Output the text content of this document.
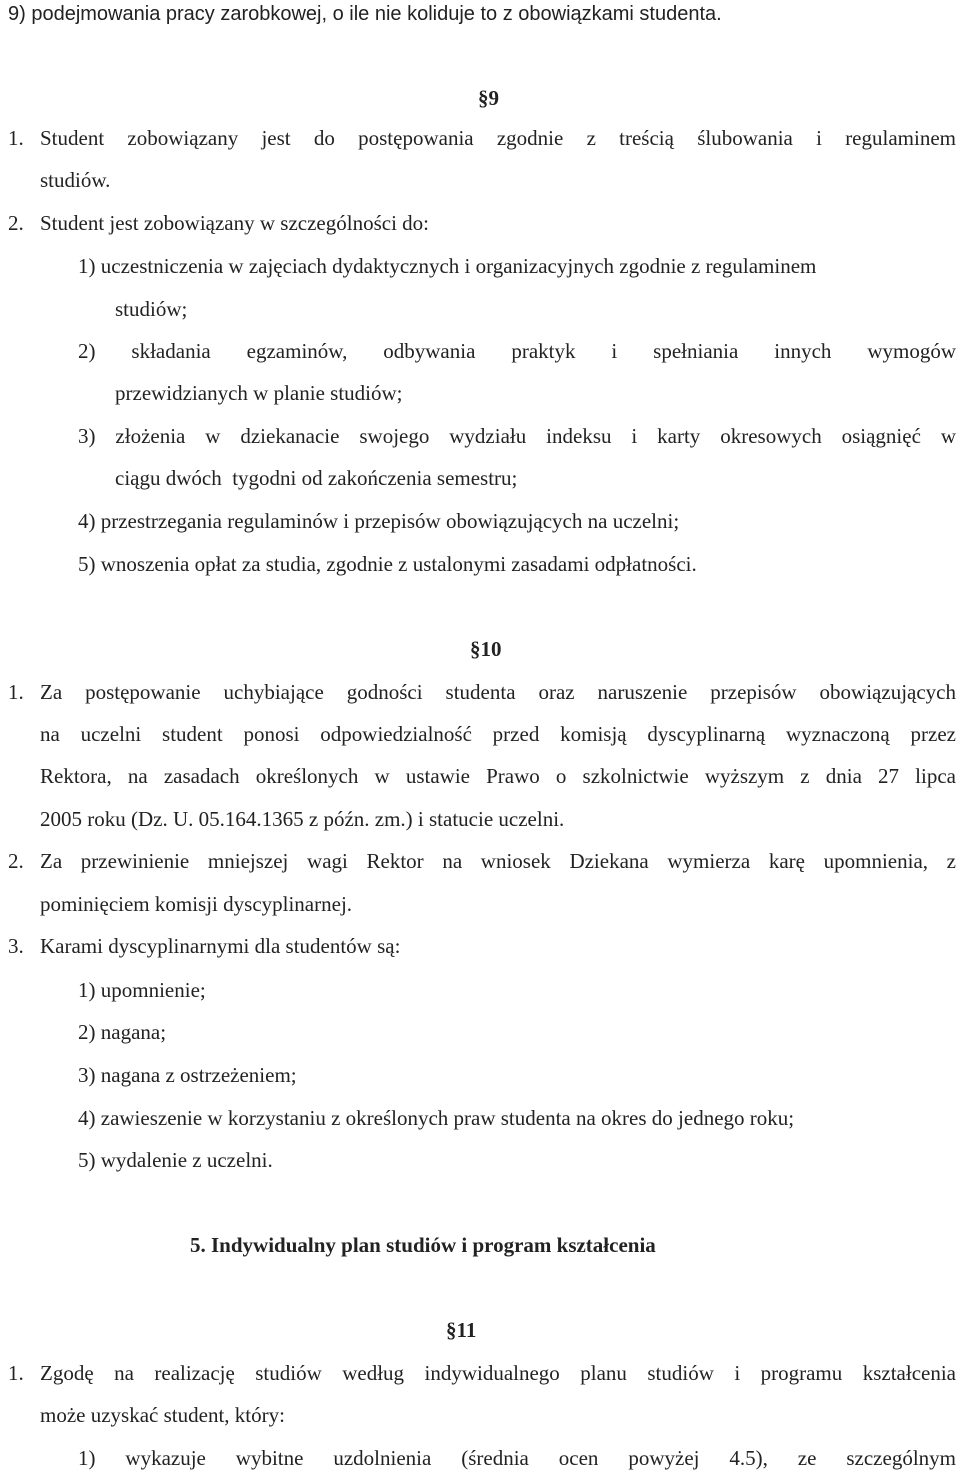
9) podejmowania pracy zarobkowej, o ile nie koliduje to z obowiązkami studenta.
§9
1. Student zobowiązany jest do postępowania zgodnie z treścią ślubowania i regulaminem
studiów.
2. Student jest zobowiązany w szczególności do:
1) uczestniczenia w zajęciach dydaktycznych i organizacyjnych zgodnie z regulaminem
studiów;
2) składania egzaminów, odbywania praktyk i spełniania innych wymogów
przewidzianych w planie studiów;
3) złożenia w dziekanacie swojego wydziału indeksu i karty okresowych osiągnięć w
ciągu dwóch  tygodni od zakończenia semestru;
4) przestrzegania regulaminów i przepisów obowiązujących na uczelni;
5) wnoszenia opłat za studia, zgodnie z ustalonymi zasadami odpłatności.
§10
1. Za postępowanie uchybiające godności studenta oraz naruszenie przepisów obowiązujących
na uczelni student ponosi odpowiedzialność przed komisją dyscyplinarną wyznaczoną przez
Rektora, na zasadach określonych w ustawie Prawo o szkolnictwie wyższym z dnia 27 lipca
2005 roku (Dz. U. 05.164.1365 z późn. zm.) i statucie uczelni.
2. Za przewinienie mniejszej wagi Rektor na wniosek Dziekana wymierza karę upomnienia, z
pominięciem komisji dyscyplinarnej.
3. Karami dyscyplinarnymi dla studentów są:
1) upomnienie;
2) nagana;
3) nagana z ostrzeżeniem;
4) zawieszenie w korzystaniu z określonych praw studenta na okres do jednego roku;
5) wydalenie z uczelni.
5. Indywidualny plan studiów i program kształcenia
§11
1. Zgodę na realizację studiów według indywidualnego planu studiów i programu kształcenia
może uzyskać student, który:
1) wykazuje wybitne uzdolnienia (średnia ocen powyżej 4.5), ze szczególnym
